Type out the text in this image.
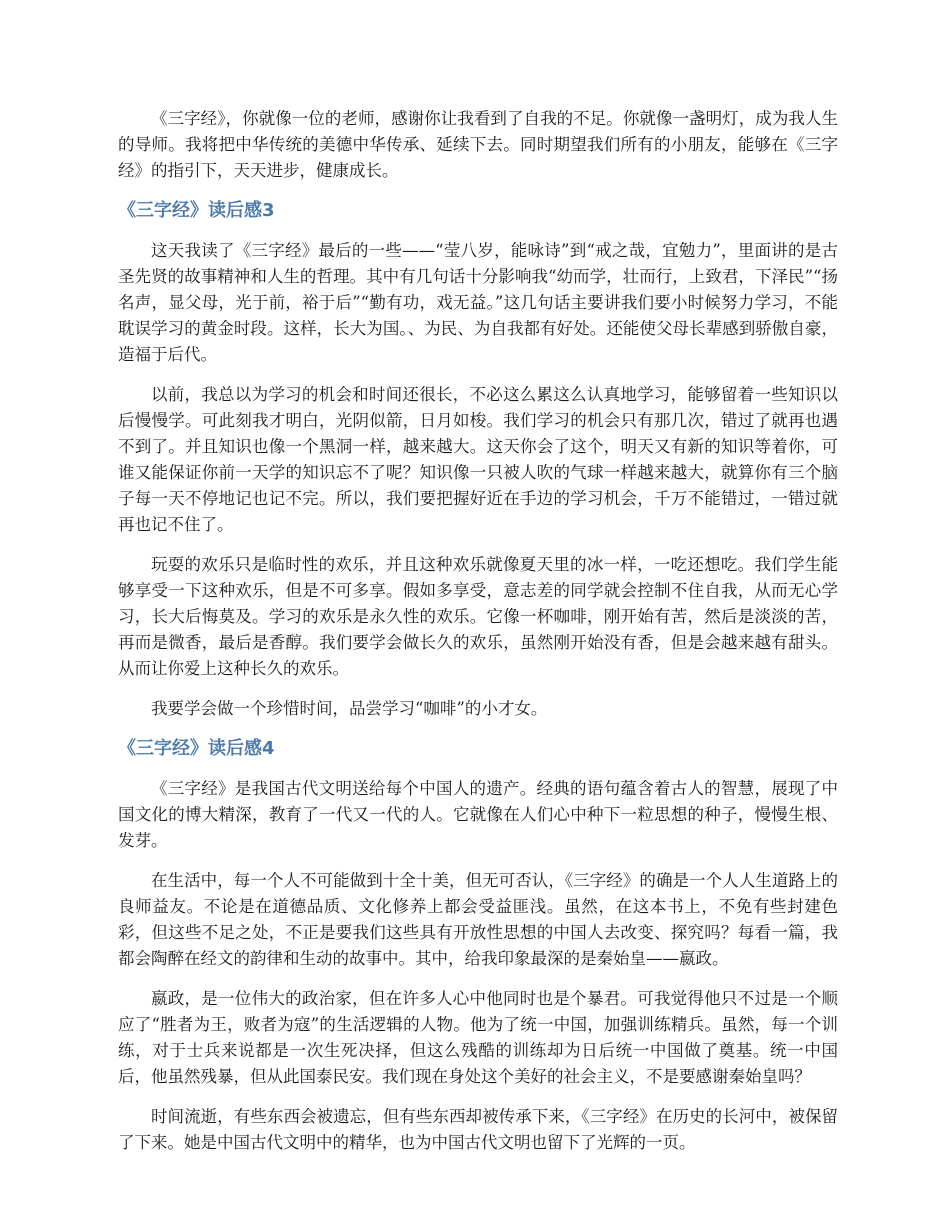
《三字经》，你就像一位的老师，感谢你让我看到了自我的不足。你就像一盏明灯，成为我人生的导师。我将把中华传统的美德中华传承、延续下去。同时期望我们所有的小朋友，能够在《三字经》的指引下，天天进步，健康成长。

《三字经》读后感3

这天我读了《三字经》最后的一些——“莹八岁，能咏诗”到“戒之哉，宜勉力”，里面讲的是古圣先贤的故事精神和人生的哲理。其中有几句话十分影响我“幼而学，壮而行，上致君，下泽民”“扬名声，显父母，光于前，裕于后”“勤有功，戏无益。”这几句话主要讲我们要小时候努力学习，不能耽误学习的黄金时段。这样，长大为国。、为民、为自我都有好处。还能使父母长辈感到骄傲自豪，造福于后代。

以前，我总以为学习的机会和时间还很长，不必这么累这么认真地学习，能够留着一些知识以后慢慢学。可此刻我才明白，光阴似箭，日月如梭。我们学习的机会只有那几次，错过了就再也遇不到了。并且知识也像一个黑洞一样，越来越大。这天你会了这个，明天又有新的知识等着你，可谁又能保证你前一天学的知识忘不了呢？知识像一只被人吹的气球一样越来越大，就算你有三个脑子每一天不停地记也记不完。所以，我们要把握好近在手边的学习机会，千万不能错过，一错过就再也记不住了。

玩耍的欢乐只是临时性的欢乐，并且这种欢乐就像夏天里的冰一样，一吃还想吃。我们学生能够享受一下这种欢乐，但是不可多享。假如多享受，意志差的同学就会控制不住自我，从而无心学习，长大后悔莫及。学习的欢乐是永久性的欢乐。它像一杯咖啡，刚开始有苦，然后是淡淡的苦，再而是微香，最后是香醇。我们要学会做长久的欢乐，虽然刚开始没有香，但是会越来越有甜头。从而让你爱上这种长久的欢乐。

我要学会做一个珍惜时间，品尝学习“咖啡”的小才女。

《三字经》读后感4

《三字经》是我国古代文明送给每个中国人的遗产。经典的语句蕴含着古人的智慧，展现了中国文化的博大精深，教育了一代又一代的人。它就像在人们心中种下一粒思想的种子，慢慢生根、发芽。

在生活中，每一个人不可能做到十全十美，但无可否认，《三字经》的确是一个人人生道路上的良师益友。不论是在道德品质、文化修养上都会受益匪浅。虽然，在这本书上，不免有些封建色彩，但这些不足之处，不正是要我们这些具有开放性思想的中国人去改变、探究吗？每看一篇，我都会陶醉在经文的韵律和生动的故事中。其中，给我印象最深的是秦始皇——嬴政。

嬴政，是一位伟大的政治家，但在许多人心中他同时也是个暴君。可我觉得他只不过是一个顺应了“胜者为王，败者为寇”的生活逻辑的人物。他为了统一中国，加强训练精兵。虽然，每一个训练，对于士兵来说都是一次生死决择，但这么残酷的训练却为日后统一中国做了奠基。统一中国后，他虽然残暴，但从此国泰民安。我们现在身处这个美好的社会主义，不是要感谢秦始皇吗？

时间流逝，有些东西会被遗忘，但有些东西却被传承下来，《三字经》在历史的长河中，被保留了下来。她是中国古代文明中的精华，也为中国古代文明也留下了光辉的一页。
